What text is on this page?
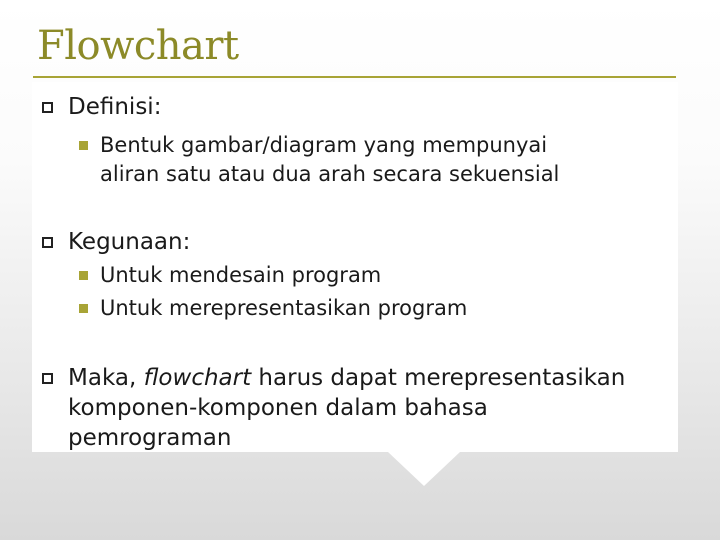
Flowchart
Definisi:
Bentuk gambar/diagram yang mempunyai
aliran satu atau dua arah secara sekuensial
Kegunaan:
Untuk mendesain program
Untuk merepresentasikan program
Maka, flowchart harus dapat merepresentasikan
komponen-komponen dalam bahasa
pemrograman
